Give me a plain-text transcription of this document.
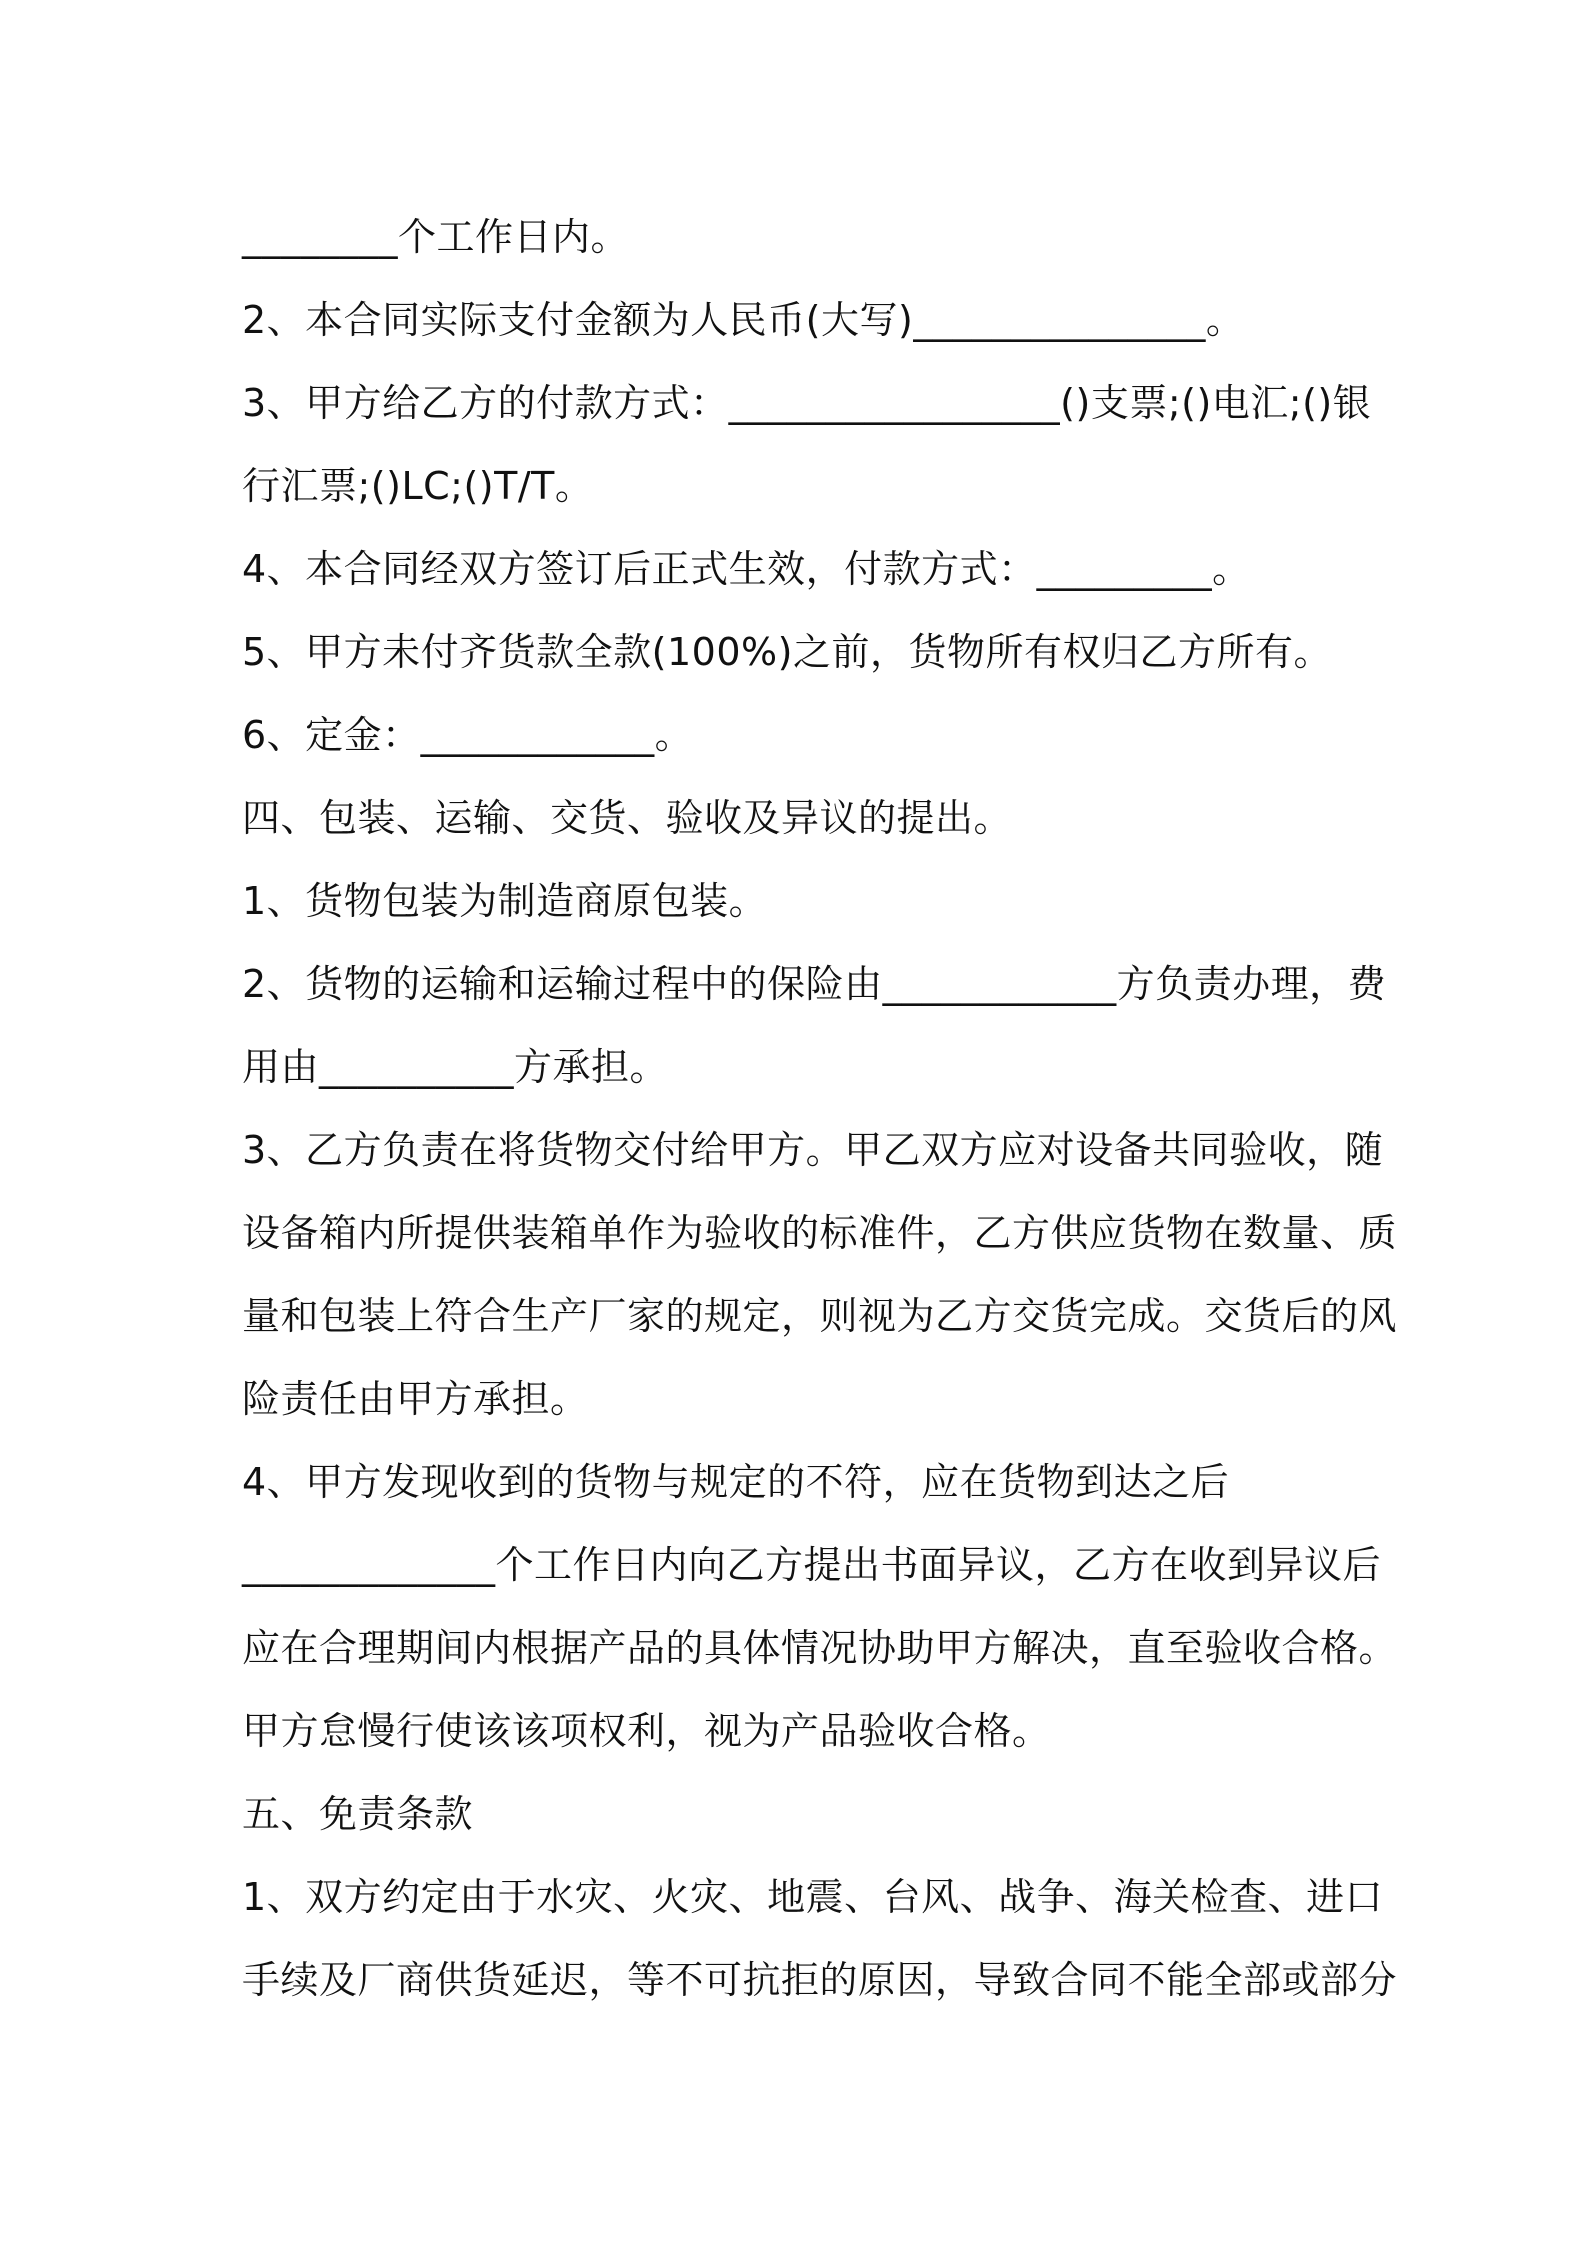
________个工作日内。
2、本合同实际支付金额为人民币(大写)_______________。
3、甲方给乙方的付款方式：_________________()支票;()电汇;()银
行汇票;()LC;()T/T。
4、本合同经双方签订后正式生效，付款方式：_________。
5、甲方未付齐货款全款(100%)之前，货物所有权归乙方所有。
6、定金：____________。
四、包装、运输、交货、验收及异议的提出。
1、货物包装为制造商原包装。
2、货物的运输和运输过程中的保险由____________方负责办理，费
用由__________方承担。
3、乙方负责在将货物交付给甲方。甲乙双方应对设备共同验收，随
设备箱内所提供装箱单作为验收的标准件，乙方供应货物在数量、质
量和包装上符合生产厂家的规定，则视为乙方交货完成。交货后的风
险责任由甲方承担。
4、甲方发现收到的货物与规定的不符，应在货物到达之后
_____________个工作日内向乙方提出书面异议，乙方在收到异议后
应在合理期间内根据产品的具体情况协助甲方解决，直至验收合格。
甲方怠慢行使该该项权利，视为产品验收合格。
五、免责条款
1、双方约定由于水灾、火灾、地震、台风、战争、海关检查、进口
手续及厂商供货延迟，等不可抗拒的原因，导致合同不能全部或部分
